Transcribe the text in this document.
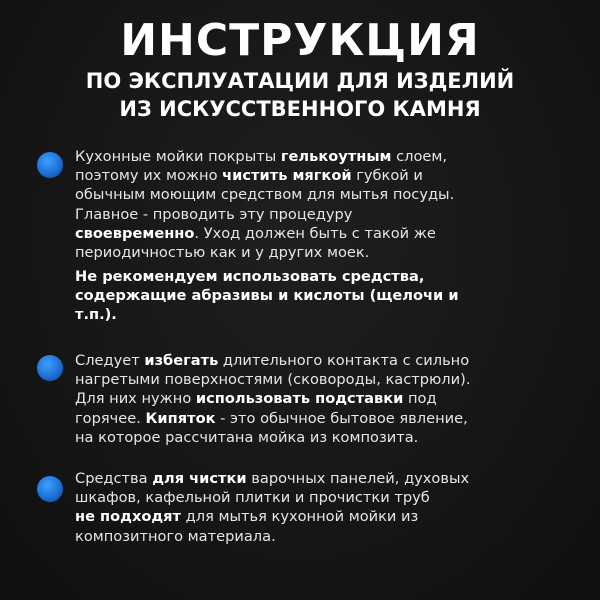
ИНСТРУКЦИЯ
ПО ЭКСПЛУАТАЦИИ ДЛЯ ИЗДЕЛИЙ
ИЗ ИСКУССТВЕННОГО КАМНЯ
Кухонные мойки покрыты гелькоутным слоем,
поэтому их можно чистить мягкой губкой и
обычным моющим средством для мытья посуды.
Главное - проводить эту процедуру
своевременно. Уход должен быть с такой же
периодичностью как и у других моек.
Не рекомендуем использовать средства,
содержащие абразивы и кислоты (щелочи и
т.п.).
Следует избегать длительного контакта с сильно
нагретыми поверхностями (сковороды, кастрюли).
Для них нужно использовать подставки под
горячее. Кипяток - это обычное бытовое явление,
на которое рассчитана мойка из композита.
Средства для чистки варочных панелей, духовых
шкафов, кафельной плитки и прочистки труб
не подходят для мытья кухонной мойки из
композитного материала.
